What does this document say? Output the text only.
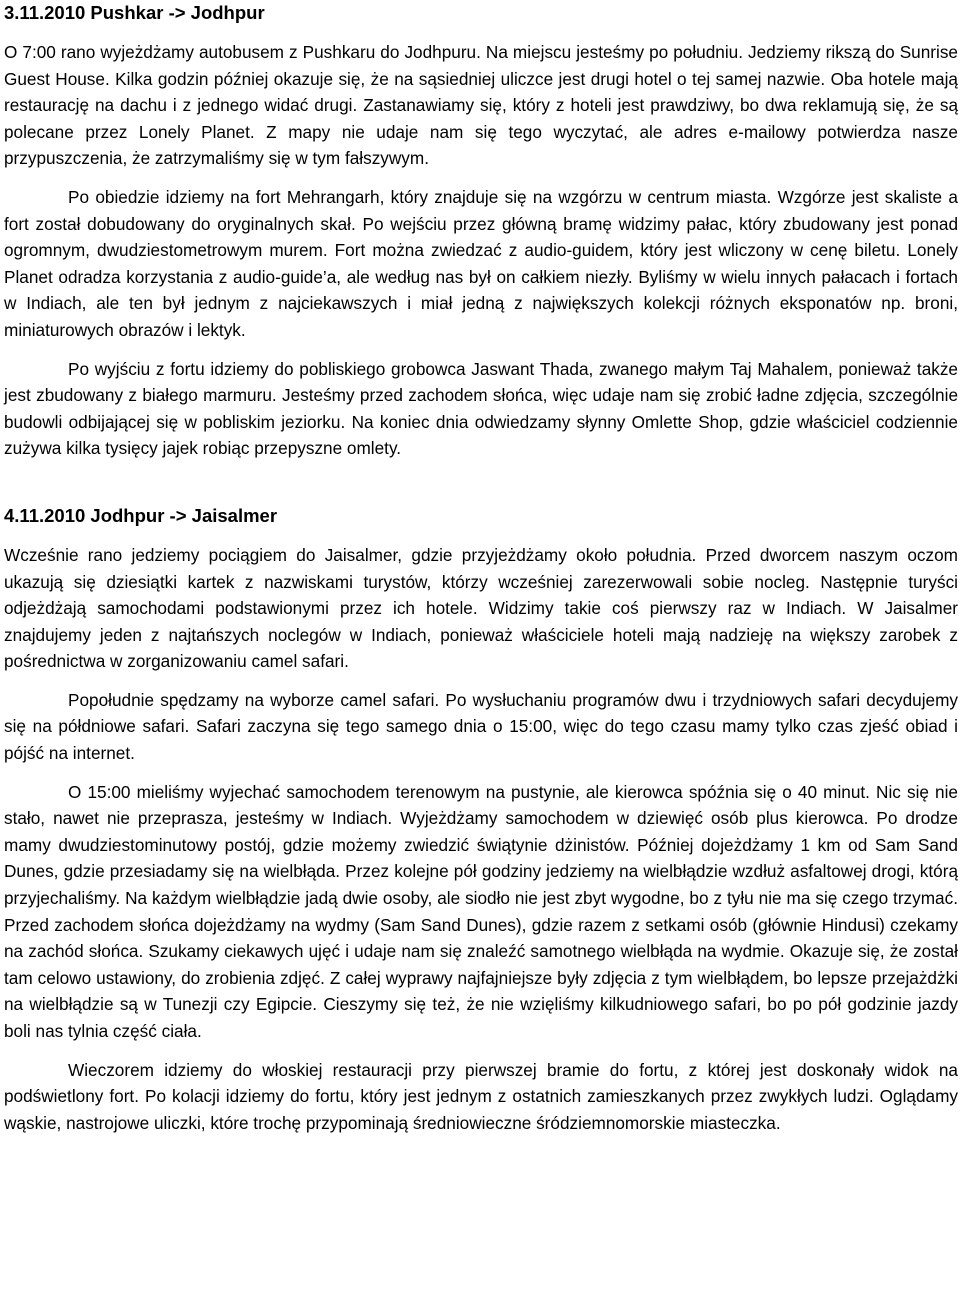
3.11.2010 Pushkar -> Jodhpur

O 7:00 rano wyjeżdżamy autobusem z Pushkaru do Jodhpuru. Na miejscu jesteśmy po południu. Jedziemy rikszą do Sunrise Guest House. Kilka godzin później okazuje się, że na sąsiedniej uliczce jest drugi hotel o tej samej nazwie. Oba hotele mają restaurację na dachu i z jednego widać drugi. Zastanawiamy się, który z hoteli jest prawdziwy, bo dwa reklamują się, że są polecane przez Lonely Planet. Z mapy nie udaje nam się tego wyczytać, ale adres e-mailowy potwierdza nasze przypuszczenia, że zatrzymaliśmy się w tym fałszywym.

Po obiedzie idziemy na fort Mehrangarh, który znajduje się na wzgórzu w centrum miasta. Wzgórze jest skaliste a fort został dobudowany do oryginalnych skał. Po wejściu przez główną bramę widzimy pałac, który zbudowany jest ponad ogromnym, dwudziestometrowym murem. Fort można zwiedzać z audio-guidem, który jest wliczony w cenę biletu. Lonely Planet odradza korzystania z audio-guide’a, ale według nas był on całkiem niezły. Byliśmy w wielu innych pałacach i fortach w Indiach, ale ten był jednym z najciekawszych i miał jedną z największych kolekcji różnych eksponatów np. broni, miniaturowych obrazów i lektyk.

Po wyjściu z fortu idziemy do pobliskiego grobowca Jaswant Thada, zwanego małym Taj Mahalem, ponieważ także jest zbudowany z białego marmuru. Jesteśmy przed zachodem słońca, więc udaje nam się zrobić ładne zdjęcia, szczególnie budowli odbijającej się w pobliskim jeziorku. Na koniec dnia odwiedzamy słynny Omlette Shop, gdzie właściciel codziennie zużywa kilka tysięcy jajek robiąc przepyszne omlety.

4.11.2010 Jodhpur -> Jaisalmer

Wcześnie rano jedziemy pociągiem do Jaisalmer, gdzie przyjeżdżamy około południa. Przed dworcem naszym oczom ukazują się dziesiątki kartek z nazwiskami turystów, którzy wcześniej zarezerwowali sobie nocleg. Następnie turyści odjeżdżają samochodami podstawionymi przez ich hotele. Widzimy takie coś pierwszy raz w Indiach. W Jaisalmer znajdujemy jeden z najtańszych noclegów w Indiach, ponieważ właściciele hoteli mają nadzieję na większy zarobek z pośrednictwa w zorganizowaniu camel safari.

Popołudnie spędzamy na wyborze camel safari. Po wysłuchaniu programów dwu i trzydniowych safari decydujemy się na półdniowe safari. Safari zaczyna się tego samego dnia o 15:00, więc do tego czasu mamy tylko czas zjeść obiad i pójść na internet.

O 15:00 mieliśmy wyjechać samochodem terenowym na pustynie, ale kierowca spóźnia się o 40 minut. Nic się nie stało, nawet nie przeprasza, jesteśmy w Indiach. Wyjeżdżamy samochodem w dziewięć osób plus kierowca. Po drodze mamy dwudziestominutowy postój, gdzie możemy zwiedzić świątynie dżinistów. Później dojeżdżamy 1 km od Sam Sand Dunes, gdzie przesiadamy się na wielbłąda. Przez kolejne pół godziny jedziemy na wielbłądzie wzdłuż asfaltowej drogi, którą przyjechaliśmy. Na każdym wielbłądzie jadą dwie osoby, ale siodło nie jest zbyt wygodne, bo z tyłu nie ma się czego trzymać. Przed zachodem słońca dojeżdżamy na wydmy (Sam Sand Dunes), gdzie razem z setkami osób (głównie Hindusi) czekamy na zachód słońca. Szukamy ciekawych ujęć i udaje nam się znaleźć samotnego wielbłąda na wydmie. Okazuje się, że został tam celowo ustawiony, do zrobienia zdjęć. Z całej wyprawy najfajniejsze były zdjęcia z tym wielbłądem, bo lepsze przejażdżki na wielbłądzie są w Tunezji czy Egipcie. Cieszymy się też, że nie wzięliśmy kilkudniowego safari, bo po pół godzinie jazdy boli nas tylnia część ciała.

Wieczorem idziemy do włoskiej restauracji przy pierwszej bramie do fortu, z której jest doskonały widok na podświetlony fort. Po kolacji idziemy do fortu, który jest jednym z ostatnich zamieszkanych przez zwykłych ludzi. Oglądamy wąskie, nastrojowe uliczki, które trochę przypominają średniowieczne śródziemnomorskie miasteczka.
